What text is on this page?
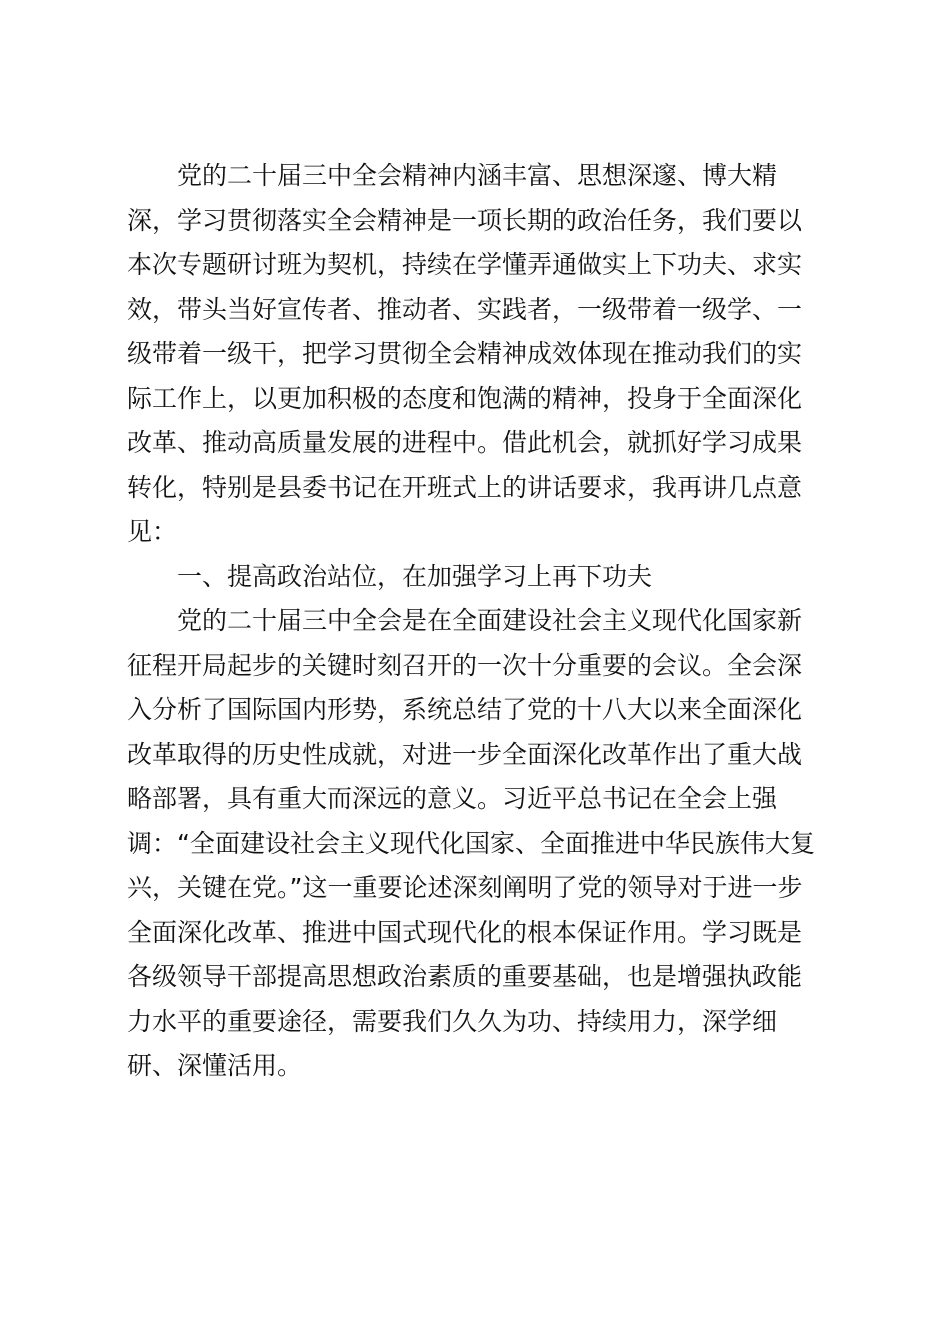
党的二十届三中全会精神内涵丰富、思想深邃、博大精
深，学习贯彻落实全会精神是一项长期的政治任务，我们要以
本次专题研讨班为契机，持续在学懂弄通做实上下功夫、求实
效，带头当好宣传者、推动者、实践者，一级带着一级学、一
级带着一级干，把学习贯彻全会精神成效体现在推动我们的实
际工作上，以更加积极的态度和饱满的精神，投身于全面深化
改革、推动高质量发展的进程中。借此机会，就抓好学习成果
转化，特别是县委书记在开班式上的讲话要求，我再讲几点意
见：
一、提高政治站位，在加强学习上再下功夫
党的二十届三中全会是在全面建设社会主义现代化国家新
征程开局起步的关键时刻召开的一次十分重要的会议。全会深
入分析了国际国内形势，系统总结了党的十八大以来全面深化
改革取得的历史性成就，对进一步全面深化改革作出了重大战
略部署，具有重大而深远的意义。习近平总书记在全会上强
调：“全面建设社会主义现代化国家、全面推进中华民族伟大复
兴，关键在党。”这一重要论述深刻阐明了党的领导对于进一步
全面深化改革、推进中国式现代化的根本保证作用。学习既是
各级领导干部提高思想政治素质的重要基础，也是增强执政能
力水平的重要途径，需要我们久久为功、持续用力，深学细
研、深懂活用。
